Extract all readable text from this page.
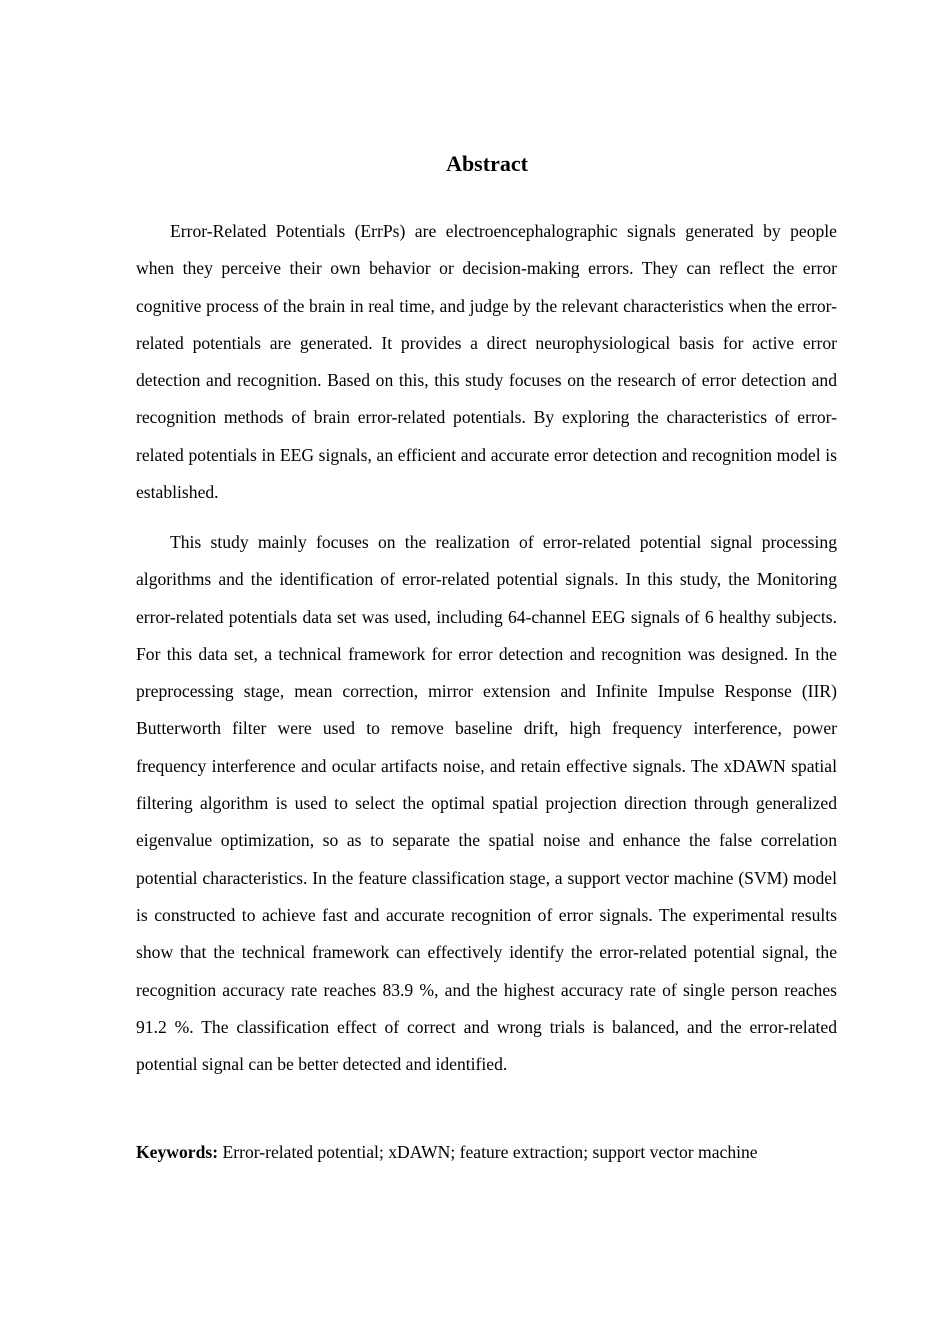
Abstract

Error-Related Potentials (ErrPs) are electroencephalographic signals generated by people when they perceive their own behavior or decision-making errors. They can reflect the error cognitive process of the brain in real time, and judge by the relevant characteristics when the error-related potentials are generated. It provides a direct neurophysiological basis for active error detection and recognition. Based on this, this study focuses on the research of error detection and recognition methods of brain error-related potentials. By exploring the characteristics of error-related potentials in EEG signals, an efficient and accurate error detection and recognition model is established.

This study mainly focuses on the realization of error-related potential signal processing algorithms and the identification of error-related potential signals. In this study, the Monitoring error-related potentials data set was used, including 64-channel EEG signals of 6 healthy subjects. For this data set, a technical framework for error detection and recognition was designed. In the preprocessing stage, mean correction, mirror extension and Infinite Impulse Response (IIR) Butterworth filter were used to remove baseline drift, high frequency interference, power frequency interference and ocular artifacts noise, and retain effective signals. The xDAWN spatial filtering algorithm is used to select the optimal spatial projection direction through generalized eigenvalue optimization, so as to separate the spatial noise and enhance the false correlation potential characteristics. In the feature classification stage, a support vector machine (SVM) model is constructed to achieve fast and accurate recognition of error signals. The experimental results show that the technical framework can effectively identify the error-related potential signal, the recognition accuracy rate reaches 83.9 %, and the highest accuracy rate of single person reaches 91.2 %. The classification effect of correct and wrong trials is balanced, and the error-related potential signal can be better detected and identified.

Keywords: Error-related potential; xDAWN; feature extraction; support vector machine
